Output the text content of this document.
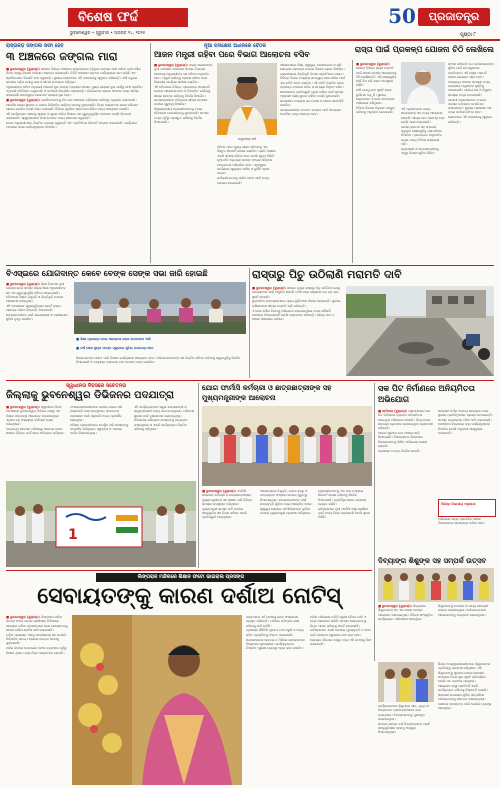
ବିଶେଷ ଫର୍ଦ୍ଦ
ଭୁବନେଶ୍ୱର • ଗୁରୁବାର • ଅଗଷ୍ଟ ୧୪, ୨୦୨୫
50	ପ୍ରଜାତନ୍ତ୍ର
ପୃଷ୍ଠା ୮
ରାସ୍ତାକଡ଼ ଜଙ୍ଗଲ ସଫା ହେବ
୩ ଅଞ୍ଚଳରେ ଜଙ୍ଗଲ ମାରା

■ ଭୁବନେଶ୍ୱର (ବ୍ୟୁରୋ): ସହରର ବିଭିନ୍ନ ଅଞ୍ଚଳରେ ରାସ୍ତାକଡ଼ରେ ବଢ଼ିଥିବା ଜଙ୍ଗଲ ସଫା କରିବା ପାଇଁ ପୌର ନିଗମ ପକ୍ଷରୁ ବିଶେଷ ଅଭିଯାନ ଆରମ୍ଭ କରାଯାଇଛି। ତିନିଟି ଅଞ୍ଚଳରେ ପ୍ରଥମ ପର୍ଯ୍ୟାୟରେ କାମ ଚାଲିଛି ଏବଂ ଶ୍ରମିକମାନେ ଦିନରାତି କାମ କରୁଛନ୍ତି। ସ୍ଥାନୀୟ ଲୋକମାନେ ଏହି ପଦକ୍ଷେପକୁ ସ୍ୱାଗତ କରିଛନ୍ତି। ବର୍ଷା ଋତୁରେ ଜଙ୍ଗଲ ବଢ଼ିବା ଯୋଗୁ ମଶା ଓ ସାପର ଉପଦ୍ରବ ବଢ଼ିଥିଲା।

ଅଧିକାରୀଙ୍କ କହିବା ଅନୁଯାୟୀ ଆଗାମୀ ଦୁଇ ସପ୍ତାହ ମଧ୍ୟରେ ସମସ୍ତ ମୁଖ୍ୟ ରାସ୍ତାର ଦୁଇ ପାର୍ଶ୍ୱ ସଫା କରାଯିବ। ଏଥିପାଇଁ ଅତିରିକ୍ତ ଯନ୍ତ୍ରପାତି ଓ କର୍ମଚାରୀ ନିୟୋଜିତ ହୋଇଛନ୍ତି। ଅଭିଯାନରେ ଡ୍ରେନ ସଫେଇ ମଧ୍ୟ ସାମିଲ କରାଯାଇଛି ଯାହାଦ୍ୱାରା ଜଳଜମାଟ ସମସ୍ୟା ଦୂର ହେବ।

■ ଭୁବନେଶ୍ୱର (ବ୍ୟୁରୋ): ନାଗରିକମାନଙ୍କୁ ନିଜ ଘର ଆଖପାଖ ପରିଷ୍କାର ରଖିବାକୁ ଅନୁରୋଧ କରାଯାଇଛି। ଆବର୍ଜନା ଖୋଲା ସ୍ଥାନରେ ନ ପକାଇ ନିର୍ଦ୍ଧାରିତ ଗାଡ଼ିରେ ଦେବାକୁ କୁହାଯାଇଛି। ନିୟମ ଉଲ୍ଲଂଘନ କଲେ ଜରିମାନା ଆଦାୟ କରାଯିବ ବୋଲି ନିଗମ ଜଣାଇଛି। ବିଭିନ୍ନ ୱାର୍ଡରେ ସଚେତନତା ଶିବିର ମଧ୍ୟ ଆୟୋଜନ ହେଉଛି।

ଏହି କାର୍ଯ୍ୟକ୍ରମ ସହରକୁ ସ୍ୱଚ୍ଛ ଓ ସୁନ୍ଦର କରିବା ଦିଗରେ ଏକ ଗୁରୁତ୍ୱପୂର୍ଣ୍ଣ ପଦକ୍ଷେପ ବୋଲି ବିବେଚନା କରାଯାଉଛି। ସ୍ୱେଚ୍ଛାସେବୀ ସଂଗଠନମାନେ ମଧ୍ୟ ସହଯୋଗ କରୁଛନ୍ତି।

ଉପର ଅଧିକାରୀମାନେ ନିୟମିତ ତଦାରଖ କରୁଛନ୍ତି ଏବଂ ପ୍ରତିଦିନର ରିପୋର୍ଟ ସଂଗ୍ରହ କରାଯାଉଛି। କାର୍ଯ୍ୟରେ ଅବହେଳା କଲେ କାର୍ଯ୍ୟାନୁଷ୍ଠାନ ନିଆଯିବ।

ନୂଆ ପଦକ୍ଷେପ ଅଧୀନରେ ବୈଠକ
ଆଜନ ମନ୍ତ୍ରୀ ରହିବା ପରେ ବିଭାଗ ଆଲୋଚନା ବସିବ

■ ଭୁବନେଶ୍ୱର (ବ୍ୟୁରୋ): ରାଜ୍ୟ ସରକାରଙ୍କ ନୂଆ ପଦକ୍ଷେପ ଅଧୀନରେ ସମସ୍ତ ବିଭାଗର ଉଚ୍ଚପଦସ୍ଥ ଅଧିକାରୀଙ୍କ ସହ ବୈଠକ ଅନୁଷ୍ଠିତ ହେବ। ମନ୍ତ୍ରୀ ଦାୟିତ୍ୱ ଗ୍ରହଣ କରିବା ପରେ ବିଭାଗୀୟ କାର୍ଯ୍ୟର ସମୀକ୍ଷା କରାଯିବ।

ଏହି ବୈଠକରେ ବିଭିନ୍ନ ପ୍ରକଳ୍ପର ଅଗ୍ରଗତି ଉପରେ ଆଲୋଚନା ହେବ ଓ ବିଳମ୍ବିତ କାର୍ଯ୍ୟକୁ ଶୀଘ୍ର ସମାପ୍ତ କରିବାକୁ ନିର୍ଦ୍ଦେଶ ଦିଆଯିବ। ଜନସାଧାରଣଙ୍କ ଅଭିଯୋଗ ଶୀଘ୍ର ସମାଧାନ ଉପରେ ଗୁରୁତ୍ୱ ଦିଆଯିବ।

ଜିଲ୍ଲାସ୍ତରୀୟ ଅଧିକାରୀମାନଙ୍କୁ ମଧ୍ୟ ବୈଠକରେ ଯୋଗଦେବାକୁ କୁହାଯାଇଛି। ସମସ୍ତ ତଥ୍ୟ ପୂର୍ବରୁ ପ୍ରସ୍ତୁତ ରଖିବାକୁ ନିର୍ଦ୍ଦେଶ ଦିଆଯାଇଛି।

ମନ୍ତ୍ରୀଙ୍କ ଛବି

ବୈଠକ ପରେ ମୁଖ୍ୟ ଶାସନ ସଚିବଙ୍କୁ ଏକ ବିସ୍ତୃତ ରିପୋର୍ଟ ଦାଖଲ କରାଯିବ। ପ୍ରତି ମାସରେ ଏଭଳି ସମୀକ୍ଷା ବୈଠକ ହେବ ବୋଲି ସୂଚନା ମିଳିଛି।

ନୂଆ ନୀତି ଅନୁଯାୟୀ ସମସ୍ତ ଫାଇଲ ଡିଜିଟାଲ ମାଧ୍ୟମରେ ପରିଚାଳିତ ହେବ। ଏଥିଦ୍ୱାରା କାର୍ଯ୍ୟରେ ସ୍ୱଚ୍ଛତା ଆସିବ ଓ ଦୁର୍ନୀତି ହ୍ରାସ ପାଇବ।

କର୍ମଚାରୀମାନଙ୍କୁ ତାଲିମ ଦେବା ପାଇଁ ମଧ୍ୟ ଯୋଜନା କରାଯାଇଛି।

ଆଲୋଚନାରେ ଶିକ୍ଷା, ସ୍ୱାସ୍ଥ୍ୟ, ଯୋଗାଯୋଗ ଓ କୃଷି କ୍ଷେତ୍ରର ପ୍ରକଳ୍ପ ଉପରେ ବିଶେଷ ଧ୍ୟାନ ଦିଆଯିବ। ଗ୍ରାମାଞ୍ଚଳରେ ଭିତ୍ତିଭୂମି ବିକାଶ ପ୍ରାଥମିକତା ପାଇବ।

ବିଭିନ୍ନ ବିଭାଗ ମଧ୍ୟରେ ସମନ୍ୱୟ ରକ୍ଷା କରିବା ପାଇଁ ଏକ କମିଟି ଗଠନ କରାଯିବ। ଏହି କମିଟି ନିୟମିତ ଭାବେ ପ୍ରକଳ୍ପ ତଦାରଖ କରିବ ଓ ସମସ୍ୟା ଚିହ୍ନଟ କରିବ।

ସରକାରଙ୍କ ପ୍ରତିଶ୍ରୁତି ପୂରଣ କରିବା ପାଇଁ ସମସ୍ତ ଅଧିକାରୀ ଦାୟିତ୍ୱବାନ ରହିବେ ବୋଲି କୁହାଯାଇଛି। ସମୟସୀମା ମଧ୍ୟରେ କାମ ଶେଷ ନ ହେଲେ ଜବାବଦିହି କରାଯିବ।

ଜନସାଧାରଣଙ୍କ ମତାମତ ସଂଗ୍ରହ ପାଇଁ ଅନଲାଇନ ପୋର୍ଟାଲ ମଧ୍ୟ ଆରମ୍ଭ ହେବ।

ରାସ୍ତା ପାଇଁ ପ୍ରକଳ୍ପ ଯୋଜନା ଚିଠି ଲେଖିଲେ

■ ଭୁବନେଶ୍ୱର (ବ୍ୟୁରୋ): ସହରର ବିଭିନ୍ନ ରାସ୍ତା ମରାମତି ପାଇଁ ସାଂସଦ କେନ୍ଦ୍ର ସରକାରଙ୍କୁ ଚିଠି ଲେଖିଛନ୍ତି। ଏହି ରାସ୍ତାଗୁଡ଼ିକ ଦୀର୍ଘ ଦିନ ଧରି ଖରାପ ଅବସ୍ଥାରେ ରହିଛି।

ବର୍ଷା ଯୋଗୁ ଗାତ ସୃଷ୍ଟି ହୋଇ ଦୁର୍ଘଟଣା ବଢ଼ୁଛି। ସ୍ଥାନୀୟ ଲୋକମାନେ ଏ ନେଇ ବାରମ୍ବାର ଅଭିଯୋଗ କରିଥିଲେ।

ଚିଠିରେ ବିଶେଷ ଅନୁଦାନ ମଞ୍ଜୁର କରିବାକୁ ଅନୁରୋଧ କରାଯାଇଛି।

ଏହି ପ୍ରସଙ୍ଗରେ ରାଜ୍ୟ ସରକାରଙ୍କ ସହ ମଧ୍ୟ ଆଲୋଚନା ହୋଇଛି। ଶୀଘ୍ର କାମ ଆରମ୍ଭ ହେବ ବୋଲି ଆଶା କରାଯାଉଛି।

ଜାତୀୟ ରାଜପଥ ସହ ସଂଯୋଗ କରୁଥିବା ରାସ୍ତାଗୁଡ଼ିକୁ ପ୍ରାଥମିକତା ଦିଆଯିବ। ପ୍ରକଳ୍ପର ଆନୁମାନିକ ବ୍ୟୟ ମଧ୍ୟ ଚିଠିରେ ଉଲ୍ଲେଖ ଅଛି।

ବ୍ୟବସାୟୀ ଓ ଛାତ୍ରଛାତ୍ରୀଙ୍କୁ ଏଥିରୁ ବିଶେଷ ସୁବିଧା ମିଳିବ।

ସାଂସଦ କହିଛନ୍ତି ଯେ ଜନସାଧାରଣଙ୍କ ସୁବିଧା ପାଇଁ ସେ ସବୁବେଳେ ପ୍ରତିବଦ୍ଧ। ଏହି ରାସ୍ତା ମରାମତି ହେଲେ ଯାତାୟାତ ସହଜ ହେବ।

ଅନ୍ୟାନ୍ୟ ଅଞ୍ଚଳର ସମସ୍ୟା ମଧ୍ୟ କେନ୍ଦ୍ରୀୟ ମନ୍ତ୍ରୀଙ୍କ ଦୃଷ୍ଟିକୁ ଅଣାଯାଇଛି। ପାନୀୟ ଜଳ ଓ ବିଦ୍ୟୁତ ସମସ୍ୟା ମଧ୍ୟ ଉଠାଯାଇଛି।

ଆଗାମୀ ଅଧିବେଶନରେ ଏ ନେଇ ପ୍ରଶ୍ନ ଉଠାଇବେ ବୋଲି ସେ ଜଣାଇଛନ୍ତି। ସ୍ଥାନୀୟ ପ୍ରଶାସନ ସହ ମଧ୍ୟ ସମୀକ୍ଷା ବୈଠକ ହେବ।

ଲୋକମାନେ ଏହି ପଦକ୍ଷେପକୁ ସ୍ୱାଗତ କରିଛନ୍ତି।

ବିଏସ୍ଇରେ ଯୋଗଦାନ୍ତ କେବେ ବେଙ୍କ ସେଙ୍କ ସଭା ଜାରି ହୋଇଛି
■ ଶିକ୍ଷା ପ୍ରକଳ୍ପ ନେଇ ଆଲୋଚନା କଲେ ନେତାମାନେ ଆଜି
■ ବର୍ଷ ଶେଷ ସୁଦ୍ଧା ସମସ୍ତ ସ୍କୁଲରେ ସୁବିଧା ଉପଲବ୍ଧ ହେବ

■ ଭୁବନେଶ୍ୱର (ବ୍ୟୁରୋ): ଶିକ୍ଷା ବିଭାଗର ନୂଆ ଯୋଜନା ନେଇ ସମସ୍ତ ଜିଲ୍ଲା ଶିକ୍ଷା ଅଧିକାରୀଙ୍କ ସହ ଏକ ଗୁରୁତ୍ୱପୂର୍ଣ୍ଣ ବୈଠକ ହୋଇଯାଇଛି। ବୈଠକରେ ଶିକ୍ଷକ ନିଯୁକ୍ତି ଓ ଭିତ୍ତିଭୂମି ଉପରେ ଆଲୋଚନା ହୋଇଥିଲା।

ଏହି ଅବସରରେ ସ୍କୁଲଗୁଡ଼ିକରେ ସ୍ମାର୍ଟ କ୍ଲାସ ଆରମ୍ଭ କରିବା ନିଷ୍ପତ୍ତି ନିଆଯାଇଛି। ଛାତ୍ରଛାତ୍ରୀଙ୍କ ପାଇଁ ଲାଇବ୍ରେରୀ ଓ ପରୀକ୍ଷାଗାର ସୁବିଧା ବୃଦ୍ଧି କରାଯିବ।

ଶିକ୍ଷକମାନଙ୍କ ତାଲିମ ପାଇଁ ବିଶେଷ କାର୍ଯ୍ୟଶାଳା ଆୟୋଜନ ହେବ। ଅଭିଭାବକମାନଙ୍କ ସହ ନିୟମିତ ବୈଠକ କରିବାକୁ ସ୍କୁଲଗୁଡ଼ିକୁ ନିର୍ଦ୍ଦେଶ ଦିଆଯାଇଛି ଓ ମଧ୍ୟାହ୍ନ ଭୋଜନର ମାନ ଉପରେ ନଜର ରଖାଯିବ।

ରାସ୍ତାରୁ ପିଚୁ ଉଠିଲାଣି ମରାମତି ଦାବି

■ ଭୁବନେଶ୍ୱର (ବ୍ୟୁରୋ): ସହରର ମୁଖ୍ୟ ରାସ୍ତାରୁ ପିଚୁ ଉଠିଯିବା ଯୋଗୁ ଯାତାୟାତରେ ଭାରି ଅସୁବିଧା ହେଉଛି। ବର୍ଷା ପରେ ରାସ୍ତାରେ ବଡ଼ ବଡ଼ ଗାତ ସୃଷ୍ଟି ହୋଇଛି।

ଦୁଇଚକିଆ ଯାନଚାଳକମାନେ ପ୍ରାୟ ଦୁର୍ଘଟଣାର ଶିକାର ହେଉଛନ୍ତି। ସ୍ଥାନୀୟ ବାସିନ୍ଦାମାନେ ଶୀଘ୍ର ମରାମତି ଦାବି କରିଛନ୍ତି।

ଏ ନେଇ ପୌର ନିଗମକୁ ଅଭିଯୋଗ କରାଯାଇଥିଲେ ମଧ୍ୟ କୌଣସି ପଦକ୍ଷେପ ନିଆଯାଇନାହିଁ ବୋଲି ଲୋକମାନେ କହିଛନ୍ତି। ଶୀଘ୍ର କାମ ନ ହେଲେ ଆନ୍ଦୋଳନ କରିବେ।

ସ୍ୱାଧୀନତା ଦିବସରେ ସଚେତନତା
ଜିଲ୍ଲାକୁ ଭୁବନେଶ୍ୱର ଡିଭିଜନର ପଦଯାତ୍ରା

■ ଭୁବନେଶ୍ୱର (ବ୍ୟୁରୋ): ସ୍ୱାଧୀନତା ଦିବସ ଅବସରରେ ଭୁବନେଶ୍ୱର ଡିଭିଜନ ପକ୍ଷରୁ ଏକ ବିଶାଳ ପଦଯାତ୍ରା ଆୟୋଜନ କରାଯାଇଥିଲା। ଏଥିରେ ବହୁ ସଂଖ୍ୟାରେ କର୍ମଚାରୀ ଯୋଗ ଦେଇଥିଲେ।

ପଦଯାତ୍ରା ଷ୍ଟେସନ ପରିସରରୁ ଆରମ୍ଭ ହୋଇ ସହରର ବିଭିନ୍ନ ମାର୍ଗ ଦେଇ ଅତିକ୍ରମ କରିଥିଲା।

ଅଂଶଗ୍ରହଣକାରୀମାନେ ଜାତୀୟ ପତାକା ଧରି ଦେଶଭକ୍ତି ନାରା ଦେଇଥିଲେ। ସଚେତନତା ପ୍ରସାରଣ ପାଇଁ ପ୍ଲାକାର୍ଡ ମଧ୍ୟ ପ୍ରଦର୍ଶିତ ହୋଇଥିଲା।

ବରିଷ୍ଠ ଅଧିକାରୀମାନେ ଉପସ୍ଥିତ ରହି ସମସ୍ତଙ୍କୁ ଉତ୍ସାହିତ କରିଥିଲେ। ସ୍ୱଚ୍ଛତା ଓ ଏକତାର ବାର୍ତ୍ତା ଦିଆଯାଇଥିଲା।

ଏହି କାର୍ଯ୍ୟକ୍ରମରେ ସ୍କୁଲ ଛାତ୍ରଛାତ୍ରୀ ଓ ସ୍ୱେଚ୍ଛାସେବୀ ମଧ୍ୟ ଭାଗ ନେଇଥିଲେ। ପରିବେଶ ସୁରକ୍ଷା ପାଇଁ ବୃକ୍ଷରୋପଣ କରାଯାଇଥିଲା।

ଡିଭିଜନାଲ ପରିଚାଳକ ସମସ୍ତଙ୍କୁ ଧନ୍ୟବାଦ ଜଣାଇଥିଲେ ଓ ଏଭଳି କାର୍ଯ୍ୟକ୍ରମ ନିୟମିତ କରିବାକୁ କହିଥିଲେ।

1
ଯୋଗ ଫାର୍ମାସି କର୍ମଚାରୀ ଓ ଛାତ୍ରଛାତ୍ରୀଙ୍କ ସହ ମୁଖ୍ୟମନ୍ତ୍ରୀଙ୍କ ଆଲୋଚନା

■ ଭୁବନେଶ୍ୱର (ବ୍ୟୁରୋ): ଫାର୍ମାସି କଲେଜର କର୍ମଚାରୀ ଓ ଛାତ୍ରଛାତ୍ରୀମାନେ ମୁଖ୍ୟମନ୍ତ୍ରୀଙ୍କ ସହ ସାକ୍ଷାତ କରି ବିଭିନ୍ନ ସମସ୍ୟା ଉପସ୍ଥାପନ କରିଥିଲେ।

ମୁଖ୍ୟମନ୍ତ୍ରୀ ସମସ୍ତ ଦାବି ଉପରେ ସହାନୁଭୂତିର ସହ ବିଚାର କରିବେ ବୋଲି ପ୍ରତିଶ୍ରୁତି ଦେଇଥିଲେ।

ଆଲୋଚନାରେ ନିଯୁକ୍ତି, ଦରମା ବୃଦ୍ଧି ଓ ପାଠ୍ୟକ୍ରମ ସଂସ୍କାର ଉପରେ ଗୁରୁତ୍ୱ ଦିଆଯାଇଥିଲା। ଛାତ୍ରଛାତ୍ରୀଙ୍କ ପାଇଁ ଛାତ୍ରବୃତ୍ତି ସୁବିଧା ମଧ୍ୟ ଆଲୋଚିତ ହେଲା।

ସ୍ୱାସ୍ଥ୍ୟ ସେବାରେ ଫାର୍ମାସିଷ୍ଟଙ୍କ ଭୂମିକା ଉପରେ ମୁଖ୍ୟମନ୍ତ୍ରୀ ପ୍ରଶଂସା କରିଥିଲେ।

ଅଧିକାରୀମାନଙ୍କୁ ଏକ ମାସ ମଧ୍ୟରେ ରିପୋର୍ଟ ଦାଖଲ କରିବାକୁ ନିର୍ଦ୍ଦେଶ ଦିଆଯାଇଛି। ପ୍ରତିନିଧିମଣ୍ଡଳ ସନ୍ତୋଷ ବ୍ୟକ୍ତ କରିଛି।

ଭବିଷ୍ୟତରେ ନୂଆ ଫାର୍ମାସି ସଂସ୍ଥା ଖୋଲିବା ପାଇଁ ମଧ୍ୟ ଚିନ୍ତା କରାଯାଉଛି ବୋଲି ସୂଚନା ମିଳିଛି।

ସକ ପିଟ ନିର୍ମାଣରେ ଅନିୟମିତତା ଅଭିଯୋଗ

■ କାଟିକାନା (ବ୍ୟୁରୋ): ଗ୍ରାମାଞ୍ଚଳରେ ସକ ପିଟ ନିର୍ମାଣରେ ବ୍ୟାପକ ଅନିୟମିତତା ହୋଇଥିବା ଅଭିଯୋଗ ହୋଇଛି। ନିମ୍ନମାନର ସାମଗ୍ରୀ ବ୍ୟବହାର କରାଯାଇଥିବା ଗ୍ରାମବାସୀ କହିଛନ୍ତି।

ଅନେକ ସ୍ଥାନରେ କାମ ଅଧାରେ ଛାଡ଼ି ଦିଆଯାଇଛି। ଠିକାଦାରଙ୍କ ବିରୋଧରେ ଜିଲ୍ଲାପାଳଙ୍କୁ ଲିଖିତ ଅଭିଯୋଗ ଦାଖଲ ହୋଇଛି।

ପ୍ରଶାସନ ତଦନ୍ତ ନିର୍ଦ୍ଦେଶ ଦେଇଛି।

ସରକାରୀ ଅର୍ଥର ଅପଚୟ ହୋଇଥିବା ନେଇ ସ୍ଥାନୀୟ ପ୍ରତିନିଧିମାନେ ପ୍ରଶ୍ନ ଉଠାଇଛନ୍ତି। ସମସ୍ତ ପ୍ରକଳ୍ପର ଅଡିଟ ଦାବି କରାଯାଇଛି।

ଦୋଷୀଙ୍କ ବିରୋଧରେ କଡ଼ା କାର୍ଯ୍ୟାନୁଷ୍ଠାନ ନିଆଯିବ ବୋଲି ଅଧିକାରୀ ଆଶ୍ୱାସନା ଦେଇଛନ୍ତି।

ବିଭିନ୍ନ ବିଭାଗୀୟ ଅଧିକାରୀ

ଅଭିଯୋଗ ସତ୍ୟ ପ୍ରମାଣିତ ହେଲେ ଠିକାଦାରଙ୍କ ଲାଇସେନ୍ସ ବାତିଲ ହେବ।

ଦିବ୍ୟାଙ୍ଗ ଶିଶୁଙ୍କ ସହ ସମ୍ପର୍କ ଉତ୍ସବ

■ ଭୁବନେଶ୍ୱର (ବ୍ୟୁରୋ): ଦିବ୍ୟାଙ୍ଗ ଶିଶୁମାନଙ୍କ ସହ ଏକ ଆନନ୍ଦ ଉତ୍ସବ ଆୟୋଜନ କରାଯାଇଥିଲା। ବିଭିନ୍ନ ସାଂସ୍କୃତିକ କାର୍ଯ୍ୟକ୍ରମ ପରିବେଷଣ ହୋଇଥିଲା।

ଶିଶୁମାନଙ୍କୁ ଉପହାର ଓ ପାଠ୍ୟ ସାମଗ୍ରୀ ବଣ୍ଟନ କରାଯାଇଥିଲା। ଅଭିଭାବକମାନେ ଆୟୋଜକଙ୍କୁ ଧନ୍ୟବାଦ ଜଣାଇଥିଲେ।

ଲିଙ୍ଗରାଜ ମନ୍ଦିରରେ ଶିକ୍ଷାନ ଫଟୋ ଭାଇରାଲ ପ୍ରସଙ୍ଗ
ସେବାୟତଙ୍କୁ କାରଣ ଦର୍ଶାଅ ନୋଟିସ୍

■ ଭୁବନେଶ୍ୱର (ବ୍ୟୁରୋ): ଲିଙ୍ଗରାଜ ମନ୍ଦିର ଭିତରେ ଫଟୋ ଉଠାଇ ସୋସିଆଲ ମିଡିଆରେ ଭାଇରାଲ କରିବା ପ୍ରସଙ୍ଗରେ ଜଣେ ସେବାୟତଙ୍କୁ କାରଣ ଦର୍ଶାଅ ନୋଟିସ ଜାରି କରାଯାଇଛି।

ମନ୍ଦିର ପ୍ରଶାସନ ଏହାକୁ ଗମ୍ଭୀରତାର ସହ ନେଇଛି। ନିର୍ଦ୍ଧାରିତ ସମୟ ମଧ୍ୟରେ ଉତ୍ତର ଦେବାକୁ କୁହାଯାଇଛି।

ମନ୍ଦିର ଭିତରେ ମୋବାଇଲ ଫୋନ ବ୍ୟବହାର ପୂର୍ବରୁ ନିଷେଧ ଥିଲେ ମଧ୍ୟ ନିୟମ ଉଲ୍ଲଂଘନ ହୋଇଛି।

ଭକ୍ତମାନେ ଏହି ଘଟଣାକୁ ନେଇ ଅସନ୍ତୋଷ ବ୍ୟକ୍ତ କରିଛନ୍ତି। ମନ୍ଦିରର ପବିତ୍ରତା ରକ୍ଷା କରିବାକୁ ଦାବି ଉଠିଛି।

ପ୍ରଶାସନ ସିସିଟିଭି ଫୁଟେଜ ଯାଞ୍ଚ କରୁଛି ଓ ଅନ୍ୟ ଜଡ଼ିତ ବ୍ୟକ୍ତିଙ୍କୁ ଚିହ୍ନଟ କରାଯାଉଛି।

ସନ୍ତୋଷଜନକ ଉତ୍ତର ନ ମିଳିଲେ ସେବାୟତଙ୍କ ବିରୋଧରେ ଶୃଙ୍ଖଳାଗତ କାର୍ଯ୍ୟାନୁଷ୍ଠାନ ନିଆଯିବ। ସୁରକ୍ଷା ବ୍ୟବସ୍ଥା ଅଧିକ କଡ଼ା କରାଯିବ।

ମନ୍ଦିର ପରିଚାଳନା କମିଟି ଜରୁରୀ ବୈଠକ ଡାକି ଏ ନେଇ ଆଲୋଚନା କରିଛି। ସମସ୍ତ ସେବାୟତଙ୍କୁ ନିୟମ ପାଳନ କରିବାକୁ ସତର୍କ କରାଯାଇଛି।

ଭବିଷ୍ୟତରେ ଏଭଳି ଘଟଣାର ପୁନରାବୃତ୍ତି ନ ହେବା ପାଇଁ ପ୍ରବେଶ ଦ୍ୱାରରେ ଯାଞ୍ଚ କଡ଼ା ହେବ।

ସେବାୟତ ନିଯୋଗ ପକ୍ଷରୁ ମଧ୍ୟ ଏହି ଘଟଣାକୁ ନିନ୍ଦା କରାଯାଇଛି।

କାର୍ଯ୍ୟକ୍ରମରେ ଶିଶୁମାନେ ଗୀତ, ନୃତ୍ୟ ଓ ଚିତ୍ରାଙ୍କନ ପ୍ରତିଯୋଗିତାରେ ଭାଗ ନେଇଥିଲେ। ବିଜେତାମାନଙ୍କୁ ପୁରସ୍କୃତ କରାଯାଇଥିଲା।

ସମାଜର ସମସ୍ତ ବର୍ଗ ଦିବ୍ୟାଙ୍ଗଙ୍କ ପ୍ରତି ସହାନୁଭୂତିଶୀଳ ହେବାକୁ ଆହ୍ୱାନ ଦିଆଯାଇଥିଲା।

ଶିକ୍ଷକ ଓ ସ୍ୱେଚ୍ଛାସେବୀମାନେ ଶିଶୁମାନଙ୍କ ପ୍ରତିଭାକୁ ପ୍ରଶଂସା କରିଥିଲେ। ଏହି ଶିଶୁମାନଙ୍କୁ ସୁଯୋଗ ଦେଲେ ସେମାନେ ସମାଜରେ ନିଜର ସ୍ଥାନ ସୃଷ୍ଟି କରିପାରିବେ ବୋଲି ମତ ପ୍ରକାଶ ପାଇଥିଲା।

ଆୟୋଜକ ସଂସ୍ଥା ପ୍ରତିବର୍ଷ ଏଭଳି କାର୍ଯ୍ୟକ୍ରମ କରିବାକୁ ନିଷ୍ପତ୍ତି ନେଇଛି। ସରକାରୀ ଯୋଜନାର ସୁବିଧା ସମ୍ପର୍କରେ ଅଭିଭାବକଙ୍କୁ ସଚେତନ କରାଯାଇଥିଲା।

ଶେଷରେ ସମସ୍ତଙ୍କ ପାଇଁ ଭୋଜିର ବ୍ୟବସ୍ଥା ହୋଇଥିଲା।
